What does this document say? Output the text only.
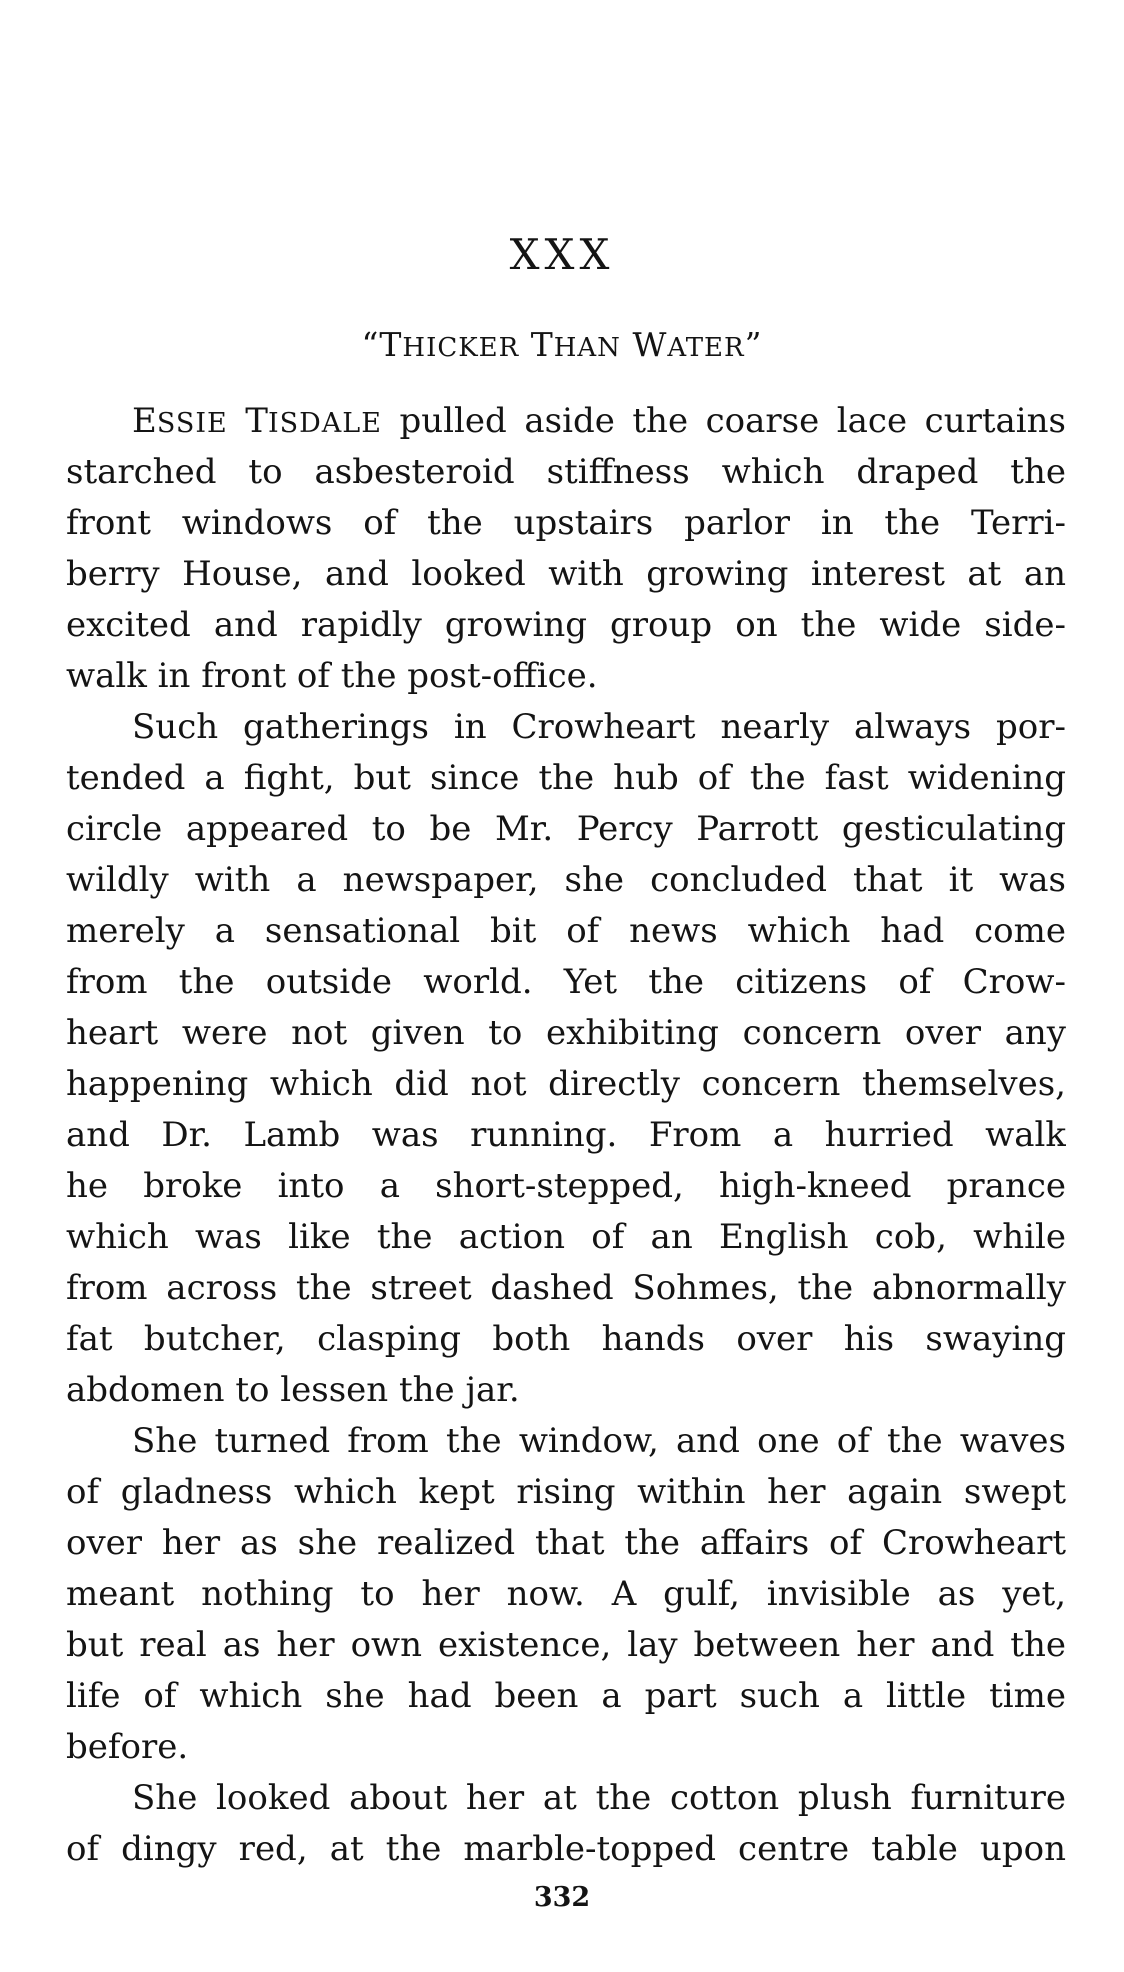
XXX
“THICKER THAN WATER”
ESSIE TISDALE pulled aside the coarse lace curtains
starched to asbesteroid stiffness which draped the
front windows of the upstairs parlor in the Terri-
berry House, and looked with growing interest at an
excited and rapidly growing group on the wide side-
walk in front of the post-office.
Such gatherings in Crowheart nearly always por-
tended a fight, but since the hub of the fast widening
circle appeared to be Mr. Percy Parrott gesticulating
wildly with a newspaper, she concluded that it was
merely a sensational bit of news which had come
from the outside world. Yet the citizens of Crow-
heart were not given to exhibiting concern over any
happening which did not directly concern themselves,
and Dr. Lamb was running. From a hurried walk
he broke into a short-stepped, high-kneed prance
which was like the action of an English cob, while
from across the street dashed Sohmes, the abnormally
fat butcher, clasping both hands over his swaying
abdomen to lessen the jar.
She turned from the window, and one of the waves
of gladness which kept rising within her again swept
over her as she realized that the affairs of Crowheart
meant nothing to her now. A gulf, invisible as yet,
but real as her own existence, lay between her and the
life of which she had been a part such a little time
before.
She looked about her at the cotton plush furniture
of dingy red, at the marble-topped centre table upon
332
